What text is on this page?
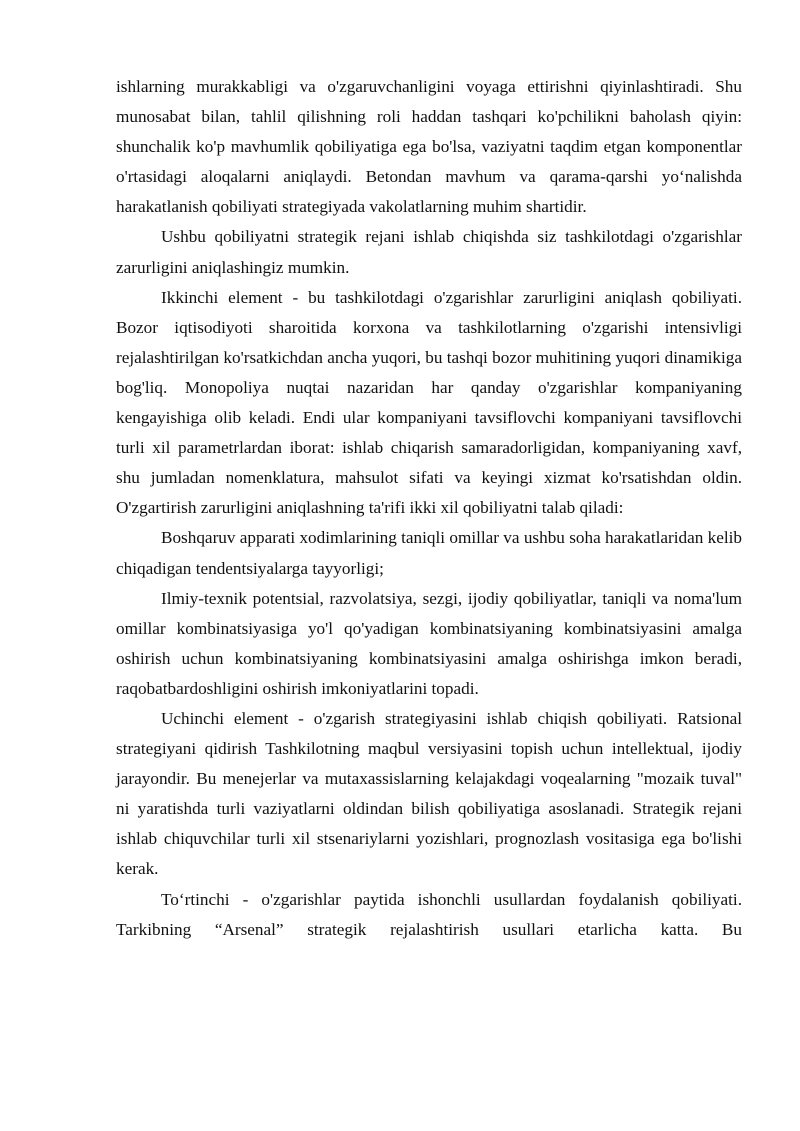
ishlarning murakkabligi va o'zgaruvchanligini voyaga ettirishni qiyinlashtiradi. Shu munosabat bilan, tahlil qilishning roli haddan tashqari ko'pchilikni baholash qiyin: shunchalik ko'p mavhumlik qobiliyatiga ega bo'lsa, vaziyatni taqdim etgan komponentlar o'rtasidagi aloqalarni aniqlaydi. Betondan mavhum va qarama-qarshi yo‘nalishda harakatlanish qobiliyati strategiyada vakolatlarning muhim shartidir.

Ushbu qobiliyatni strategik rejani ishlab chiqishda siz tashkilotdagi o'zgarishlar zarurligini aniqlashingiz mumkin.

Ikkinchi element - bu tashkilotdagi o'zgarishlar zarurligini aniqlash qobiliyati. Bozor iqtisodiyoti sharoitida korxona va tashkilotlarning o'zgarishi intensivligi rejalashtirilgan ko'rsatkichdan ancha yuqori, bu tashqi bozor muhitining yuqori dinamikiga bog'liq. Monopoliya nuqtai nazaridan har qanday o'zgarishlar kompaniyaning kengayishiga olib keladi. Endi ular kompaniyani tavsiflovchi kompaniyani tavsiflovchi turli xil parametrlardan iborat: ishlab chiqarish samaradorligidan, kompaniyaning xavf, shu jumladan nomenklatura, mahsulot sifati va keyingi xizmat ko'rsatishdan oldin. O'zgartirish zarurligini aniqlashning ta'rifi ikki xil qobiliyatni talab qiladi:

Boshqaruv apparati xodimlarining taniqli omillar va ushbu soha harakatlaridan kelib chiqadigan tendentsiyalarga tayyorligi;

Ilmiy-texnik potentsial, razvolatsiya, sezgi, ijodiy qobiliyatlar, taniqli va noma'lum omillar kombinatsiyasiga yo'l qo'yadigan kombinatsiyaning kombinatsiyasini amalga oshirish uchun kombinatsiyaning kombinatsiyasini amalga oshirishga imkon beradi, raqobatbardoshligini oshirish imkoniyatlarini topadi.

Uchinchi element - o'zgarish strategiyasini ishlab chiqish qobiliyati. Ratsional strategiyani qidirish Tashkilotning maqbul versiyasini topish uchun intellektual, ijodiy jarayondir. Bu menejerlar va mutaxassislarning kelajakdagi voqealarning "mozaik tuval" ni yaratishda turli vaziyatlarni oldindan bilish qobiliyatiga asoslanadi. Strategik rejani ishlab chiquvchilar turli xil stsenariylarni yozishlari, prognozlash vositasiga ega bo'lishi kerak.

To‘rtinchi - o'zgarishlar paytida ishonchli usullardan foydalanish qobiliyati. Tarkibning “Arsenal” strategik rejalashtirish usullari etarlicha katta. Bu
